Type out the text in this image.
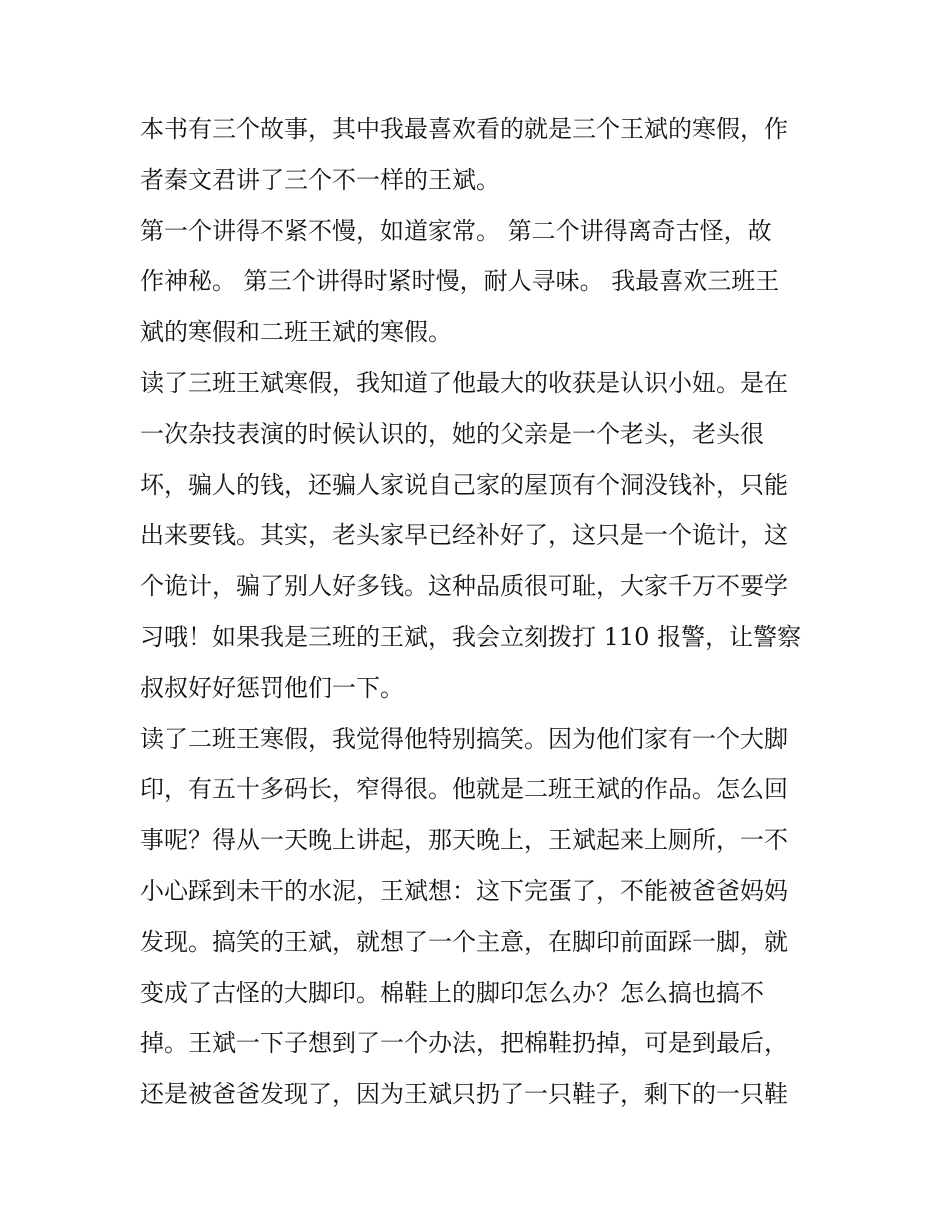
本书有三个故事，其中我最喜欢看的就是三个王斌的寒假，作

者秦文君讲了三个不一样的王斌。

第一个讲得不紧不慢，如道家常。 第二个讲得离奇古怪，故

作神秘。 第三个讲得时紧时慢，耐人寻味。 我最喜欢三班王

斌的寒假和二班王斌的寒假。

读了三班王斌寒假，我知道了他最大的收获是认识小妞。是在

一次杂技表演的时候认识的，她的父亲是一个老头，老头很

坏，骗人的钱，还骗人家说自己家的屋顶有个洞没钱补，只能

出来要钱。其实，老头家早已经补好了，这只是一个诡计，这

个诡计，骗了别人好多钱。这种品质很可耻，大家千万不要学

习哦！如果我是三班的王斌，我会立刻拨打 110 报警，让警察

叔叔好好惩罚他们一下。

读了二班王寒假，我觉得他特别搞笑。因为他们家有一个大脚

印，有五十多码长，窄得很。他就是二班王斌的作品。怎么回

事呢？得从一天晚上讲起，那天晚上，王斌起来上厕所，一不

小心踩到未干的水泥，王斌想：这下完蛋了，不能被爸爸妈妈

发现。搞笑的王斌，就想了一个主意，在脚印前面踩一脚，就

变成了古怪的大脚印。棉鞋上的脚印怎么办？怎么搞也搞不

掉。王斌一下子想到了一个办法，把棉鞋扔掉，可是到最后，

还是被爸爸发现了，因为王斌只扔了一只鞋子，剩下的一只鞋
